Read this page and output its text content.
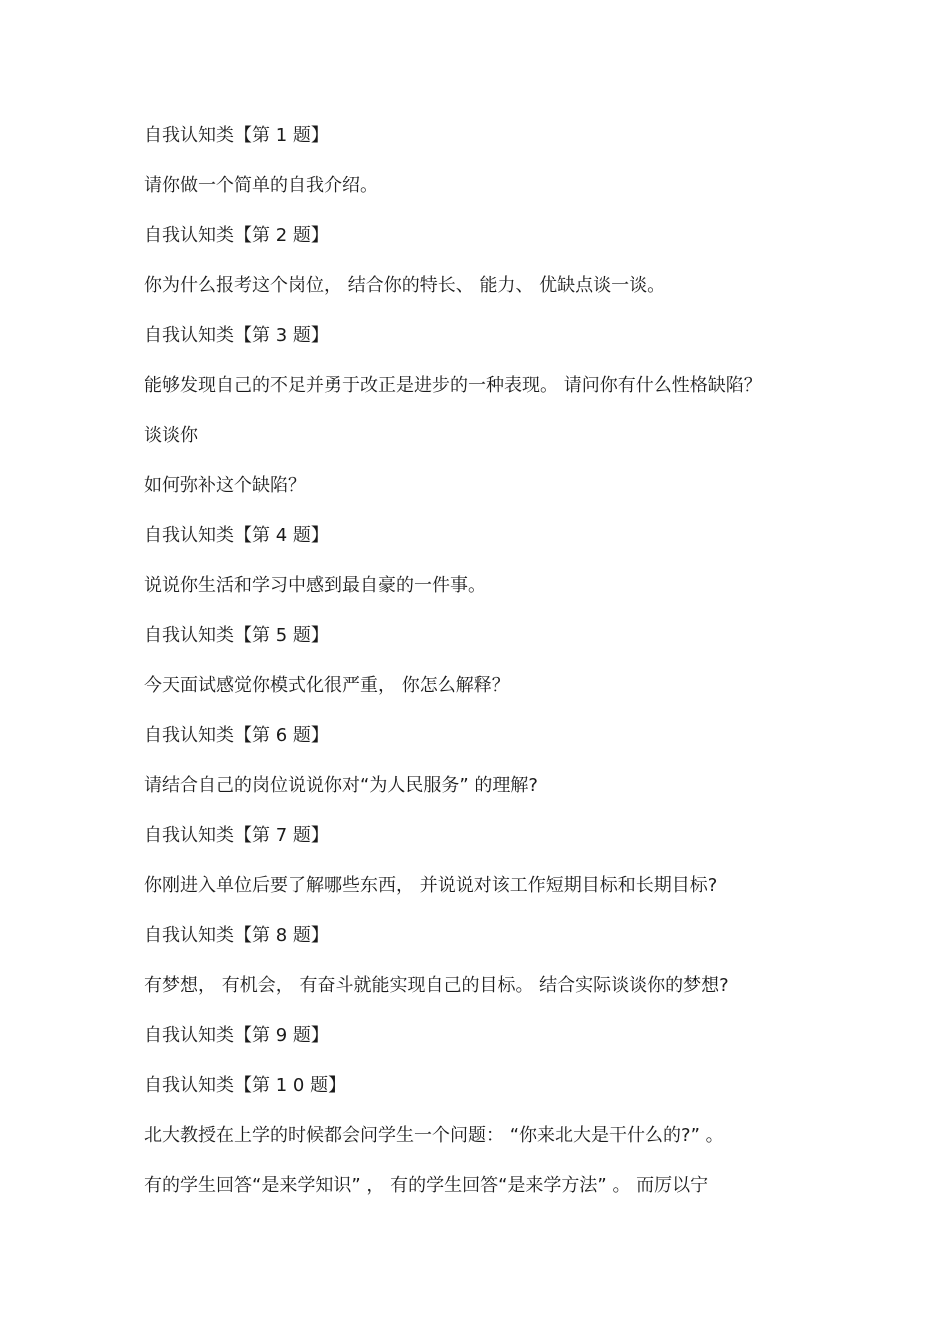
自我认知类【第 1 题】
请你做一个简单的自我介绍。
自我认知类【第 2 题】
你为什么报考这个岗位， 结合你的特长、 能力、 优缺点谈一谈。
自我认知类【第 3 题】
能够发现自己的不足并勇于改正是进步的一种表现。 请问你有什么性格缺陷？
谈谈你
如何弥补这个缺陷？
自我认知类【第 4 题】
说说你生活和学习中感到最自豪的一件事。
自我认知类【第 5 题】
今天面试感觉你模式化很严重， 你怎么解释？
自我认知类【第 6 题】
请结合自己的岗位说说你对“为人民服务” 的理解?
自我认知类【第 7 题】
你刚进入单位后要了解哪些东西， 并说说对该工作短期目标和长期目标?
自我认知类【第 8 题】
有梦想， 有机会， 有奋斗就能实现自己的目标。 结合实际谈谈你的梦想?
自我认知类【第 9 题】
自我认知类【第 1 0 题】
北大教授在上学的时候都会问学生一个问题： “你来北大是干什么的?” 。
有的学生回答“是来学知识” ， 有的学生回答“是来学方法” 。 而厉以宁
